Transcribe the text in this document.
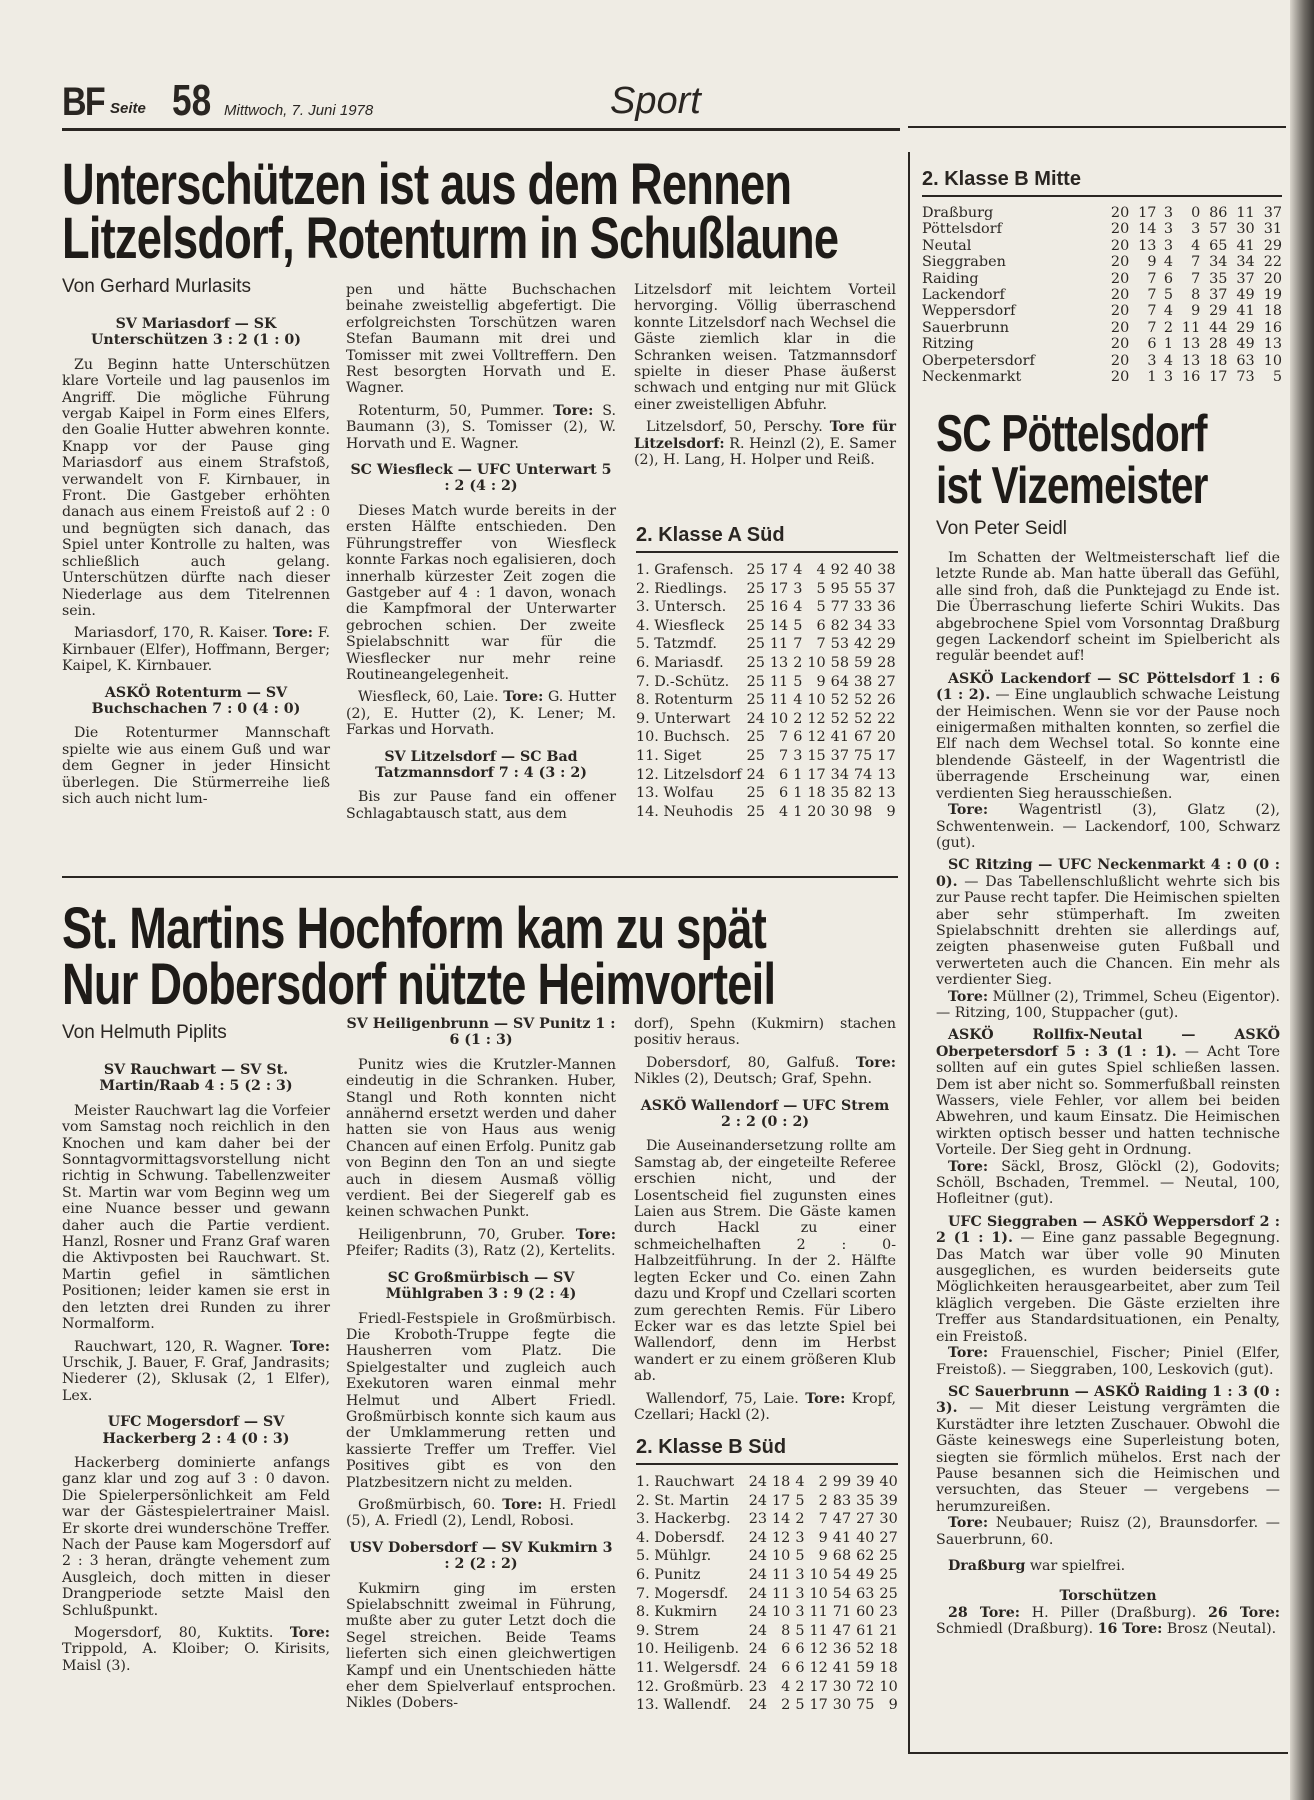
BF Seite 58 Mittwoch, 7. Juni 1978	Sport
Unterschützen ist aus dem Rennen
Litzelsdorf, Rotenturm in Schußlaune
Von Gerhard Murlasits

SV Mariasdorf — SK Unterschützen 3 : 2 (1 : 0)

Zu Beginn hatte Unterschützen klare Vorteile und lag pausenlos im Angriff. Die mögliche Führung vergab Kaipel in Form eines Elfers, den Goalie Hutter abwehren konnte. Knapp vor der Pause ging Mariasdorf aus einem Strafstoß, verwandelt von F. Kirnbauer, in Front. Die Gastgeber erhöhten danach aus einem Freistoß auf 2 : 0 und begnügten sich danach, das Spiel unter Kontrolle zu halten, was schließlich auch gelang. Unterschützen dürfte nach dieser Niederlage aus dem Titelrennen sein.

Mariasdorf, 170, R. Kaiser. Tore: F. Kirnbauer (Elfer), Hoffmann, Berger; Kaipel, K. Kirnbauer.

ASKÖ Rotenturm — SV Buchschachen 7 : 0 (4 : 0)

Die Rotenturmer Mannschaft spielte wie aus einem Guß und war dem Gegner in jeder Hinsicht überlegen. Die Stürmerreihe ließ sich auch nicht lum-

pen und hätte Buchschachen beinahe zweistellig abgefertigt. Die erfolgreichsten Torschützen waren Stefan Baumann mit drei und Tomisser mit zwei Volltreffern. Den Rest besorgten Horvath und E. Wagner.

Rotenturm, 50, Pummer. Tore: S. Baumann (3), S. Tomisser (2), W. Horvath und E. Wagner.

SC Wiesfleck — UFC Unterwart 5 : 2 (4 : 2)

Dieses Match wurde bereits in der ersten Hälfte entschieden. Den Führungstreffer von Wiesfleck konnte Farkas noch egalisieren, doch innerhalb kürzester Zeit zogen die Gastgeber auf 4 : 1 davon, wonach die Kampfmoral der Unterwarter gebrochen schien. Der zweite Spielabschnitt war für die Wiesflecker nur mehr reine Routineangelegenheit.

Wiesfleck, 60, Laie. Tore: G. Hutter (2), E. Hutter (2), K. Lener; M. Farkas und Horvath.

SV Litzelsdorf — SC Bad Tatzmannsdorf 7 : 4 (3 : 2)

Bis zur Pause fand ein offener Schlagabtausch statt, aus dem

Litzelsdorf mit leichtem Vorteil hervorging. Völlig überraschend konnte Litzelsdorf nach Wechsel die Gäste ziemlich klar in die Schranken weisen. Tatzmannsdorf spielte in dieser Phase äußerst schwach und entging nur mit Glück einer zweistelligen Abfuhr.

Litzelsdorf, 50, Perschy. Tore für Litzelsdorf: R. Heinzl (2), E. Samer (2), H. Lang, H. Holper und Reiß.

2. Klasse A Süd
1. Grafensch.	25	17	4	4	92	40	38
2. Riedlings.	25	17	3	5	95	55	37
3. Untersch.	25	16	4	5	77	33	36
4. Wiesfleck	25	14	5	6	82	34	33
5. Tatzmdf.	25	11	7	7	53	42	29
6. Mariasdf.	25	13	2	10	58	59	28
7. D.-Schütz.	25	11	5	9	64	38	27
8. Rotenturm	25	11	4	10	52	52	26
9. Unterwart	24	10	2	12	52	52	22
10. Buchsch.	25	7	6	12	41	67	20
11. Siget	25	7	3	15	37	75	17
12. Litzelsdorf	24	6	1	17	34	74	13
13. Wolfau	25	6	1	18	35	82	13
14. Neuhodis	25	4	1	20	30	98	9
St. Martins Hochform kam zu spät
Nur Dobersdorf nützte Heimvorteil
Von Helmuth Piplits

SV Rauchwart — SV St. Martin/Raab 4 : 5 (2 : 3)

Meister Rauchwart lag die Vorfeier vom Samstag noch reichlich in den Knochen und kam daher bei der Sonntagvormittagsvorstellung nicht richtig in Schwung. Tabellenzweiter St. Martin war vom Beginn weg um eine Nuance besser und gewann daher auch die Partie verdient. Hanzl, Rosner und Franz Graf waren die Aktivposten bei Rauchwart. St. Martin gefiel in sämtlichen Positionen; leider kamen sie erst in den letzten drei Runden zu ihrer Normalform.

Rauchwart, 120, R. Wagner. Tore: Urschik, J. Bauer, F. Graf, Jandrasits; Niederer (2), Sklusak (2, 1 Elfer), Lex.

UFC Mogersdorf — SV Hackerberg 2 : 4 (0 : 3)

Hackerberg dominierte anfangs ganz klar und zog auf 3 : 0 davon. Die Spielerpersönlichkeit am Feld war der Gästespielertrainer Maisl. Er skorte drei wunderschöne Treffer. Nach der Pause kam Mogersdorf auf 2 : 3 heran, drängte vehement zum Ausgleich, doch mitten in dieser Drangperiode setzte Maisl den Schlußpunkt.

Mogersdorf, 80, Kuktits. Tore: Trippold, A. Kloiber; O. Kirisits, Maisl (3).

SV Heiligenbrunn — SV Punitz 1 : 6 (1 : 3)

Punitz wies die Krutzler-Mannen eindeutig in die Schranken. Huber, Stangl und Roth konnten nicht annähernd ersetzt werden und daher hatten sie von Haus aus wenig Chancen auf einen Erfolg. Punitz gab von Beginn den Ton an und siegte auch in diesem Ausmaß völlig verdient. Bei der Siegerelf gab es keinen schwachen Punkt.

Heiligenbrunn, 70, Gruber. Tore: Pfeifer; Radits (3), Ratz (2), Kertelits.

SC Großmürbisch — SV Mühlgraben 3 : 9 (2 : 4)

Friedl-Festspiele in Großmürbisch. Die Kroboth-Truppe fegte die Hausherren vom Platz. Die Spielgestalter und zugleich auch Exekutoren waren einmal mehr Helmut und Albert Friedl. Großmürbisch konnte sich kaum aus der Umklammerung retten und kassierte Treffer um Treffer. Viel Positives gibt es von den Platzbesitzern nicht zu melden.

Großmürbisch, 60. Tore: H. Friedl (5), A. Friedl (2), Lendl, Robosi.

USV Dobersdorf — SV Kukmirn 3 : 2 (2 : 2)

Kukmirn ging im ersten Spielabschnitt zweimal in Führung, mußte aber zu guter Letzt doch die Segel streichen. Beide Teams lieferten sich einen gleichwertigen Kampf und ein Unentschieden hätte eher dem Spielverlauf entsprochen. Nikles (Dobers-

dorf), Spehn (Kukmirn) stachen positiv heraus.

Dobersdorf, 80, Galfuß. Tore: Nikles (2), Deutsch; Graf, Spehn.

ASKÖ Wallendorf — UFC Strem 2 : 2 (0 : 2)

Die Auseinandersetzung rollte am Samstag ab, der eingeteilte Referee erschien nicht, und der Losentscheid fiel zugunsten eines Laien aus Strem. Die Gäste kamen durch Hackl zu einer schmeichelhaften 2 : 0-Halbzeitführung. In der 2. Hälfte legten Ecker und Co. einen Zahn dazu und Kropf und Czellari scorten zum gerechten Remis. Für Libero Ecker war es das letzte Spiel bei Wallendorf, denn im Herbst wandert er zu einem größeren Klub ab.

Wallendorf, 75, Laie. Tore: Kropf, Czellari; Hackl (2).

2. Klasse B Süd
1. Rauchwart	24	18	4	2	99	39	40
2. St. Martin	24	17	5	2	83	35	39
3. Hackerbg.	23	14	2	7	47	27	30
4. Dobersdf.	24	12	3	9	41	40	27
5. Mühlgr.	24	10	5	9	68	62	25
6. Punitz	24	11	3	10	54	49	25
7. Mogersdf.	24	11	3	10	54	63	25
8. Kukmirn	24	10	3	11	71	60	23
9. Strem	24	8	5	11	47	61	21
10. Heiligenb.	24	6	6	12	36	52	18
11. Welgersdf.	24	6	6	12	41	59	18
12. Großmürb.	23	4	2	17	30	72	10
13. Wallendf.	24	2	5	17	30	75	9
2. Klasse B Mitte
Draßburg	20	17	3	0	86	11	37
Pöttelsdorf	20	14	3	3	57	30	31
Neutal	20	13	3	4	65	41	29
Sieggraben	20	9	4	7	34	34	22
Raiding	20	7	6	7	35	37	20
Lackendorf	20	7	5	8	37	49	19
Weppersdorf	20	7	4	9	29	41	18
Sauerbrunn	20	7	2	11	44	29	16
Ritzing	20	6	1	13	28	49	13
Oberpetersdorf	20	3	4	13	18	63	10
Neckenmarkt	20	1	3	16	17	73	5
SC Pöttelsdorf
ist Vizemeister
Von Peter Seidl

Im Schatten der Weltmeisterschaft lief die letzte Runde ab. Man hatte überall das Gefühl, alle sind froh, daß die Punktejagd zu Ende ist. Die Überraschung lieferte Schiri Wukits. Das abgebrochene Spiel vom Vorsonntag Draßburg gegen Lackendorf scheint im Spielbericht als regulär beendet auf!

ASKÖ Lackendorf — SC Pöttelsdorf 1 : 6 (1 : 2). — Eine unglaublich schwache Leistung der Heimischen. Wenn sie vor der Pause noch einigermaßen mithalten konnten, so zerfiel die Elf nach dem Wechsel total. So konnte eine blendende Gästeelf, in der Wagentristl die überragende Erscheinung war, einen verdienten Sieg herausschießen.

Tore: Wagentristl (3), Glatz (2), Schwentenwein. — Lackendorf, 100, Schwarz (gut).

SC Ritzing — UFC Neckenmarkt 4 : 0 (0 : 0). — Das Tabellenschlußlicht wehrte sich bis zur Pause recht tapfer. Die Heimischen spielten aber sehr stümperhaft. Im zweiten Spielabschnitt drehten sie allerdings auf, zeigten phasenweise guten Fußball und verwerteten auch die Chancen. Ein mehr als verdienter Sieg.

Tore: Müllner (2), Trimmel, Scheu (Eigentor). — Ritzing, 100, Stuppacher (gut).

ASKÖ Rollfix-Neutal — ASKÖ Oberpetersdorf 5 : 3 (1 : 1). — Acht Tore sollten auf ein gutes Spiel schließen lassen. Dem ist aber nicht so. Sommerfußball reinsten Wassers, viele Fehler, vor allem bei beiden Abwehren, und kaum Einsatz. Die Heimischen wirkten optisch besser und hatten technische Vorteile. Der Sieg geht in Ordnung.

Tore: Säckl, Brosz, Glöckl (2), Godovits; Schöll, Bschaden, Tremmel. — Neutal, 100, Hofleitner (gut).

UFC Sieggraben — ASKÖ Weppersdorf 2 : 2 (1 : 1). — Eine ganz passable Begegnung. Das Match war über volle 90 Minuten ausgeglichen, es wurden beiderseits gute Möglichkeiten herausgearbeitet, aber zum Teil kläglich vergeben. Die Gäste erzielten ihre Treffer aus Standardsituationen, ein Penalty, ein Freistoß.

Tore: Frauenschiel, Fischer; Piniel (Elfer, Freistoß). — Sieggraben, 100, Leskovich (gut).

SC Sauerbrunn — ASKÖ Raiding 1 : 3 (0 : 3). — Mit dieser Leistung vergrämten die Kurstädter ihre letzten Zuschauer. Obwohl die Gäste keineswegs eine Superleistung boten, siegten sie förmlich mühelos. Erst nach der Pause besannen sich die Heimischen und versuchten, das Steuer — vergebens — herumzureißen.

Tore: Neubauer; Ruisz (2), Braunsdorfer. — Sauerbrunn, 60.

Draßburg war spielfrei.

Torschützen

28 Tore: H. Piller (Draßburg). 26 Tore: Schmiedl (Draßburg). 16 Tore: Brosz (Neutal).
